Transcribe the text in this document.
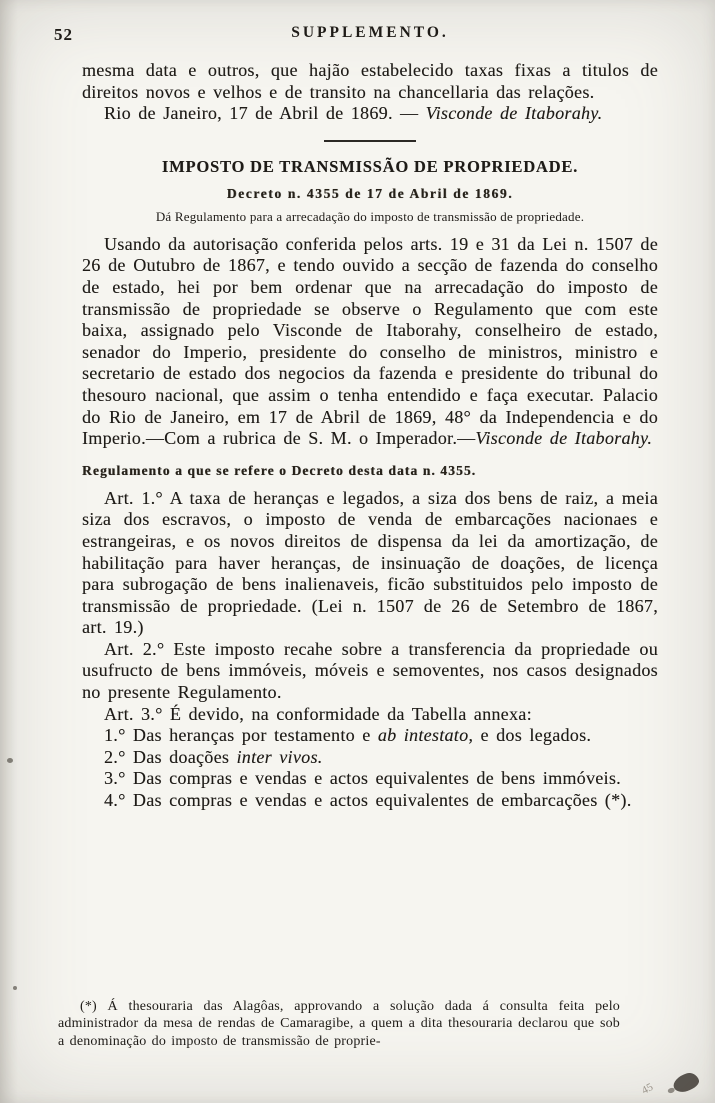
52	SUPPLEMENTO.

mesma data e outros, que hajão estabelecido taxas fixas a titulos de direitos novos e velhos e de transito na chancellaria das relações.

Rio de Janeiro, 17 de Abril de 1869. — Visconde de Itaborahy.

IMPOSTO DE TRANSMISSÃO DE PROPRIEDADE.
Decreto n. 4355 de 17 de Abril de 1869.

Dá Regulamento para a arrecadação do imposto de transmissão de propriedade.

Usando da autorisação conferida pelos arts. 19 e 31 da Lei n. 1507 de 26 de Outubro de 1867, e tendo ouvido a secção de fazenda do conselho de estado, hei por bem ordenar que na arrecadação do imposto de transmissão de propriedade se observe o Regulamento que com este baixa, assignado pelo Visconde de Itaborahy, conselheiro de estado, senador do Imperio, presidente do conselho de ministros, ministro e secretario de estado dos negocios da fazenda e presidente do tribunal do thesouro nacional, que assim o tenha entendido e faça executar. Palacio do Rio de Janeiro, em 17 de Abril de 1869, 48° da Independencia e do Imperio.—Com a rubrica de S. M. o Imperador.—Visconde de Itaborahy.

Regulamento a que se refere o Decreto desta data n. 4355.

Art. 1.° A taxa de heranças e legados, a siza dos bens de raiz, a meia siza dos escravos, o imposto de venda de embarcações nacionaes e estrangeiras, e os novos direitos de dispensa da lei da amortização, de habilitação para haver heranças, de insinuação de doações, de licença para subrogação de bens inalienaveis, ficão substituidos pelo imposto de transmissão de propriedade. (Lei n. 1507 de 26 de Setembro de 1867, art. 19.)

Art. 2.° Este imposto recahe sobre a transferencia da propriedade ou usufructo de bens immóveis, móveis e semoventes, nos casos designados no presente Regulamento.

Art. 3.° É devido, na conformidade da Tabella annexa:

1.° Das heranças por testamento e ab intestato, e dos legados.

2.° Das doações inter vivos.

3.° Das compras e vendas e actos equivalentes de bens immóveis.

4.° Das compras e vendas e actos equivalentes de embarcações (*).

(*) Á thesouraria das Alagôas, approvando a solução dada á consulta feita pelo administrador da mesa de rendas de Camaragibe, a quem a dita thesouraria declarou que sob a denominação do imposto de transmissão de proprie-

45
